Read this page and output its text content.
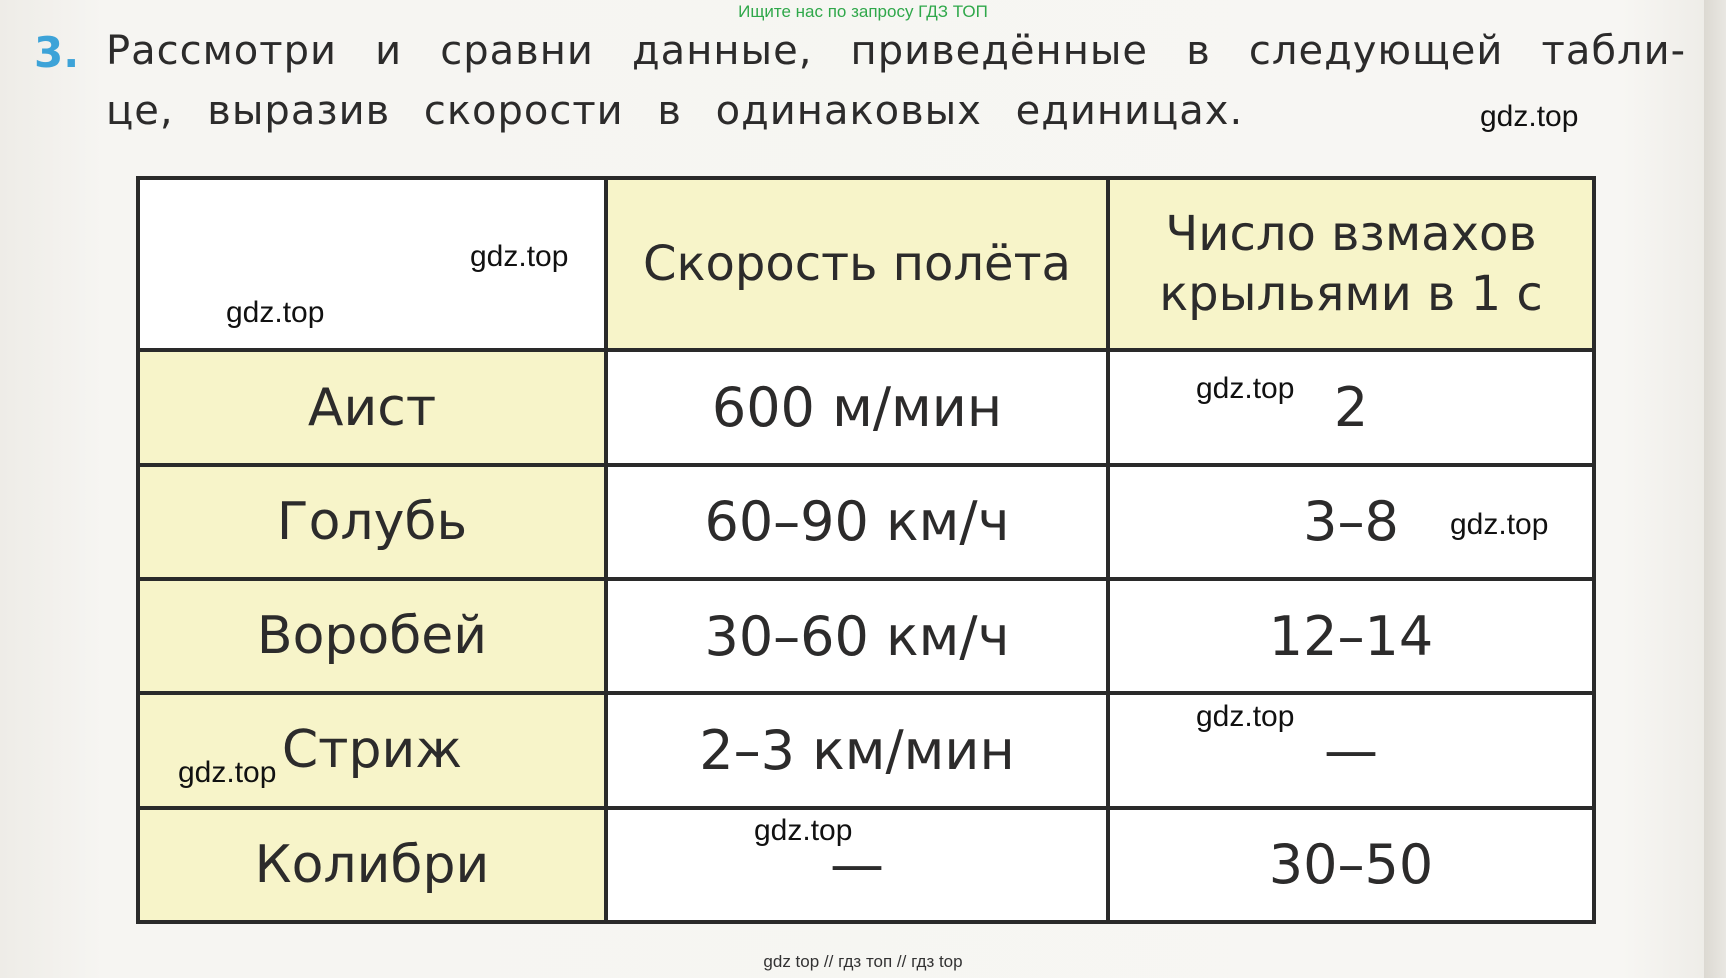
Ищите нас по запросу ГДЗ ТОП
3. Рассмотри и сравни данные, приведённые в следующей табли-
це, выразив скорости в одинаковых единицах.
	Скорость полёта	Число взмахов крыльями в 1 с
Аист	600 м/мин	2
Голубь	60–90 км/ч	3–8
Воробей	30–60 км/ч	12–14
Стриж	2–3 км/мин	—
Колибри	—	30–50
gdz.top
gdz.top
gdz.top
gdz.top
gdz.top
gdz.top
gdz.top
gdz.top
gdz top // гдз топ // гдз top
